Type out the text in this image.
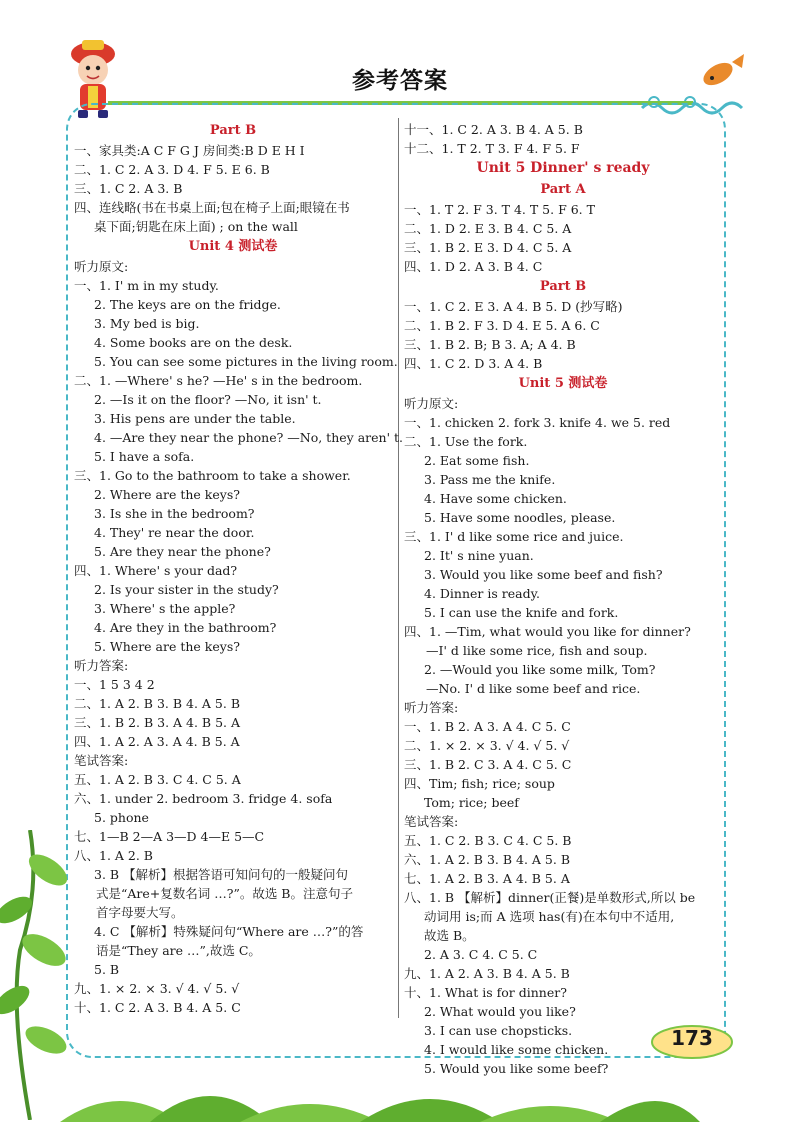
参考答案
Part B
一、家具类:A C F G J 房间类:B D E H I
二、1. C 2. A 3. D 4. F 5. E 6. B
三、1. C 2. A 3. B
四、连线略(书在书桌上面;包在椅子上面;眼镜在书
桌下面;钥匙在床上面) ; on the wall
Unit 4 测试卷
听力原文:
一、1. I' m in my study.
2. The keys are on the fridge.
3. My bed is big.
4. Some books are on the desk.
5. You can see some pictures in the living room.
二、1. —Where' s he? —He' s in the bedroom.
2. —Is it on the floor? —No, it isn' t.
3. His pens are under the table.
4. —Are they near the phone? —No, they aren' t.
5. I have a sofa.
三、1. Go to the bathroom to take a shower.
2. Where are the keys?
3. Is she in the bedroom?
4. They' re near the door.
5. Are they near the phone?
四、1. Where' s your dad?
2. Is your sister in the study?
3. Where' s the apple?
4. Are they in the bathroom?
5. Where are the keys?
听力答案:
一、1 5 3 4 2
二、1. A 2. B 3. B 4. A 5. B
三、1. B 2. B 3. A 4. B 5. A
四、1. A 2. A 3. A 4. B 5. A
笔试答案:
五、1. A 2. B 3. C 4. C 5. A
六、1. under 2. bedroom 3. fridge 4. sofa
5. phone
七、1—B 2—A 3—D 4—E 5—C
八、1. A 2. B
3. B 【解析】根据答语可知问句的一般疑问句
式是“Are+复数名词 …?”。故选 B。注意句子
首字母要大写。
4. C 【解析】特殊疑问句“Where are …?”的答
语是“They are …”,故选 C。
5. B
九、1. × 2. × 3. √ 4. √ 5. √
十、1. C 2. A 3. B 4. A 5. C
十一、1. C 2. A 3. B 4. A 5. B
十二、1. T 2. T 3. F 4. F 5. F
Unit 5 Dinner' s ready
Part A
一、1. T 2. F 3. T 4. T 5. F 6. T
二、1. D 2. E 3. B 4. C 5. A
三、1. B 2. E 3. D 4. C 5. A
四、1. D 2. A 3. B 4. C
Part B
一、1. C 2. E 3. A 4. B 5. D (抄写略)
二、1. B 2. F 3. D 4. E 5. A 6. C
三、1. B 2. B; B 3. A; A 4. B
四、1. C 2. D 3. A 4. B
Unit 5 测试卷
听力原文:
一、1. chicken 2. fork 3. knife 4. we 5. red
二、1. Use the fork.
2. Eat some fish.
3. Pass me the knife.
4. Have some chicken.
5. Have some noodles, please.
三、1. I' d like some rice and juice.
2. It' s nine yuan.
3. Would you like some beef and fish?
4. Dinner is ready.
5. I can use the knife and fork.
四、1. —Tim, what would you like for dinner?
—I' d like some rice, fish and soup.
2. —Would you like some milk, Tom?
—No. I' d like some beef and rice.
听力答案:
一、1. B 2. A 3. A 4. C 5. C
二、1. × 2. × 3. √ 4. √ 5. √
三、1. B 2. C 3. A 4. C 5. C
四、Tim; fish; rice; soup
Tom; rice; beef
笔试答案:
五、1. C 2. B 3. C 4. C 5. B
六、1. A 2. B 3. B 4. A 5. B
七、1. A 2. B 3. A 4. B 5. A
八、1. B 【解析】dinner(正餐)是单数形式,所以 be
动词用 is;而 A 选项 has(有)在本句中不适用,
故选 B。
2. A 3. C 4. C 5. C
九、1. A 2. A 3. B 4. A 5. B
十、1. What is for dinner?
2. What would you like?
3. I can use chopsticks.
4. I would like some chicken.
5. Would you like some beef?
173
